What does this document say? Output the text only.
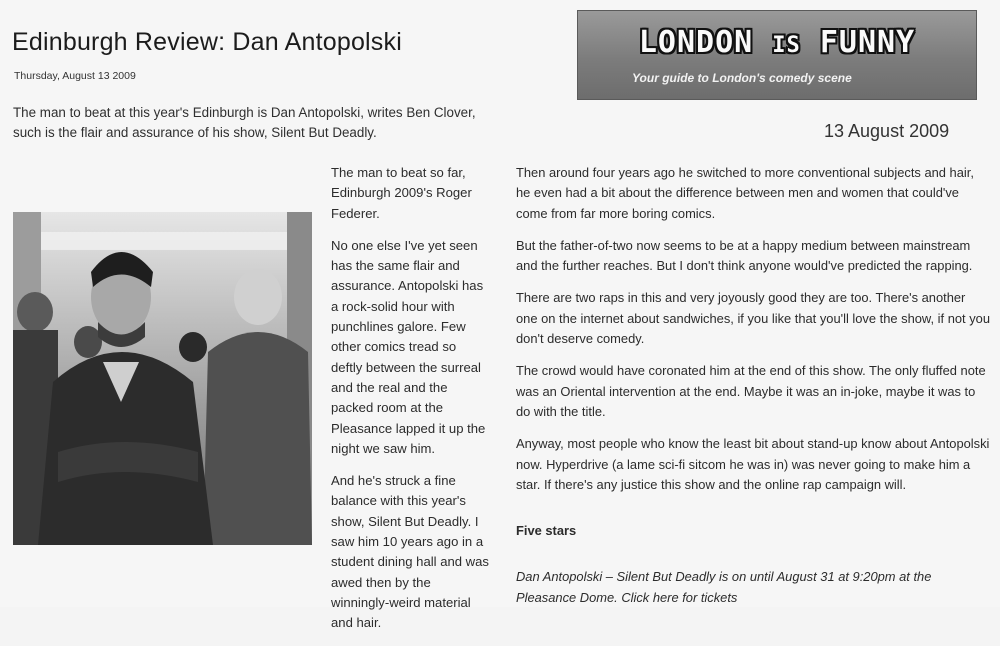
Edinburgh Review: Dan Antopolski
Thursday, August 13 2009
The man to beat at this year's Edinburgh is Dan Antopolski, writes Ben Clover, such is the flair and assurance of his show, Silent But Deadly.

The man to beat so far, Edinburgh 2009's Roger Federer.

No one else I've yet seen has the same flair and assurance. Antopolski has a rock-solid hour with punchlines galore. Few other comics tread so deftly between the surreal and the real and the packed room at the Pleasance lapped it up the night we saw him.

And he's struck a fine balance with this year's show, Silent But Deadly. I saw him 10 years ago in a student dining hall and was awed then by the winningly-weird material and hair.

Then around four years ago he switched to more conventional subjects and hair, he even had a bit about the difference between men and women that could've come from far more boring comics.

But the father-of-two now seems to be at a happy medium between mainstream and the further reaches. But I don't think anyone would've predicted the rapping.

There are two raps in this and very joyously good they are too. There's another one on the internet about sandwiches, if you like that you'll love the show, if not you don't deserve comedy.

The crowd would have coronated him at the end of this show. The only fluffed note was an Oriental intervention at the end. Maybe it was an in-joke, maybe it was to do with the title.

Anyway, most people who know the least bit about stand-up know about Antopolski now. Hyperdrive (a lame sci-fi sitcom he was in) was never going to make him a star. If there's any justice this show and the online rap campaign will.

Five stars

Dan Antopolski – Silent But Deadly is on until August 31 at 9:20pm at the Pleasance Dome. Click here for tickets

LONDON IS FUNNY
Your guide to London's comedy scene
13 August 2009
